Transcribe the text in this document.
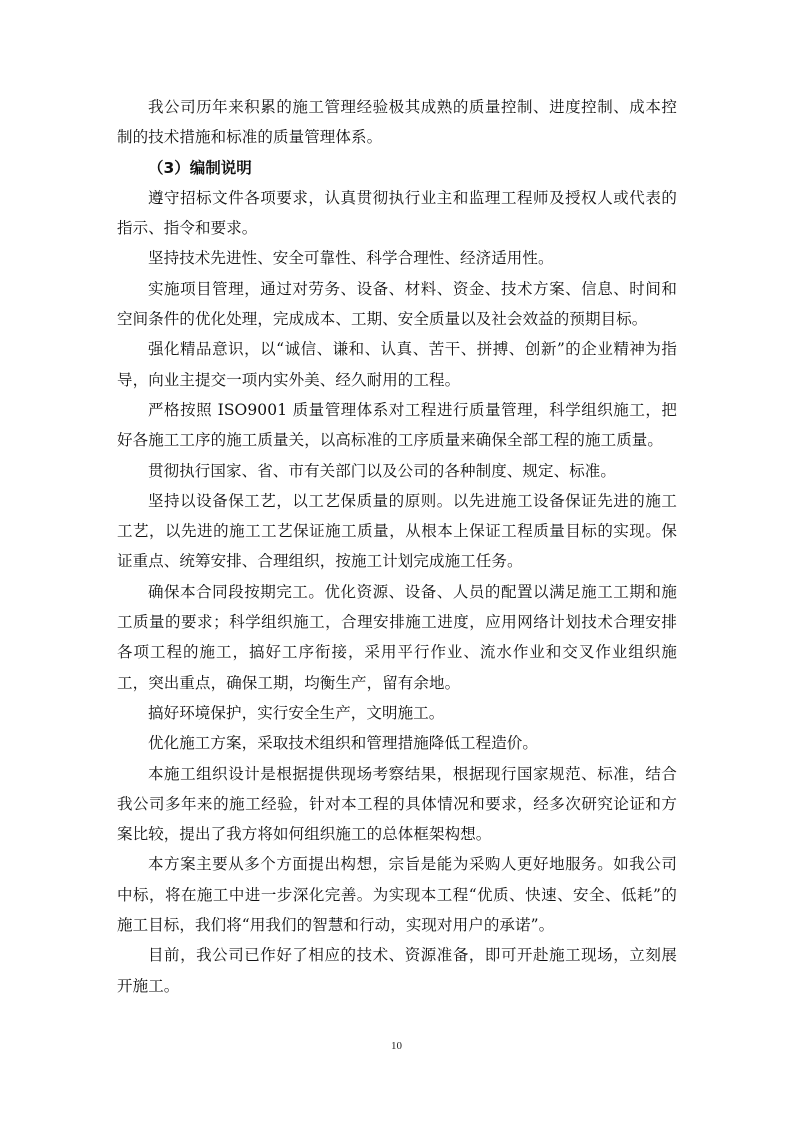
我公司历年来积累的施工管理经验极其成熟的质量控制、进度控制、成本控制的技术措施和标准的质量管理体系。

（3）编制说明

遵守招标文件各项要求，认真贯彻执行业主和监理工程师及授权人或代表的指示、指令和要求。

坚持技术先进性、安全可靠性、科学合理性、经济适用性。

实施项目管理，通过对劳务、设备、材料、资金、技术方案、信息、时间和空间条件的优化处理，完成成本、工期、安全质量以及社会效益的预期目标。

强化精品意识，以“诚信、谦和、认真、苦干、拼搏、创新”的企业精神为指导，向业主提交一项内实外美、经久耐用的工程。

严格按照 ISO9001 质量管理体系对工程进行质量管理，科学组织施工，把好各施工工序的施工质量关，以高标准的工序质量来确保全部工程的施工质量。

贯彻执行国家、省、市有关部门以及公司的各种制度、规定、标准。

坚持以设备保工艺，以工艺保质量的原则。以先进施工设备保证先进的施工工艺，以先进的施工工艺保证施工质量，从根本上保证工程质量目标的实现。保证重点、统筹安排、合理组织，按施工计划完成施工任务。

确保本合同段按期完工。优化资源、设备、人员的配置以满足施工工期和施工质量的要求；科学组织施工，合理安排施工进度，应用网络计划技术合理安排各项工程的施工，搞好工序衔接，采用平行作业、流水作业和交叉作业组织施工，突出重点，确保工期，均衡生产，留有余地。

搞好环境保护，实行安全生产，文明施工。

优化施工方案，采取技术组织和管理措施降低工程造价。

本施工组织设计是根据提供现场考察结果，根据现行国家规范、标准，结合我公司多年来的施工经验，针对本工程的具体情况和要求，经多次研究论证和方案比较，提出了我方将如何组织施工的总体框架构想。

本方案主要从多个方面提出构想，宗旨是能为采购人更好地服务。如我公司中标，将在施工中进一步深化完善。为实现本工程“优质、快速、安全、低耗”的施工目标，我们将“用我们的智慧和行动，实现对用户的承诺”。

目前，我公司已作好了相应的技术、资源准备，即可开赴施工现场，立刻展开施工。

10
